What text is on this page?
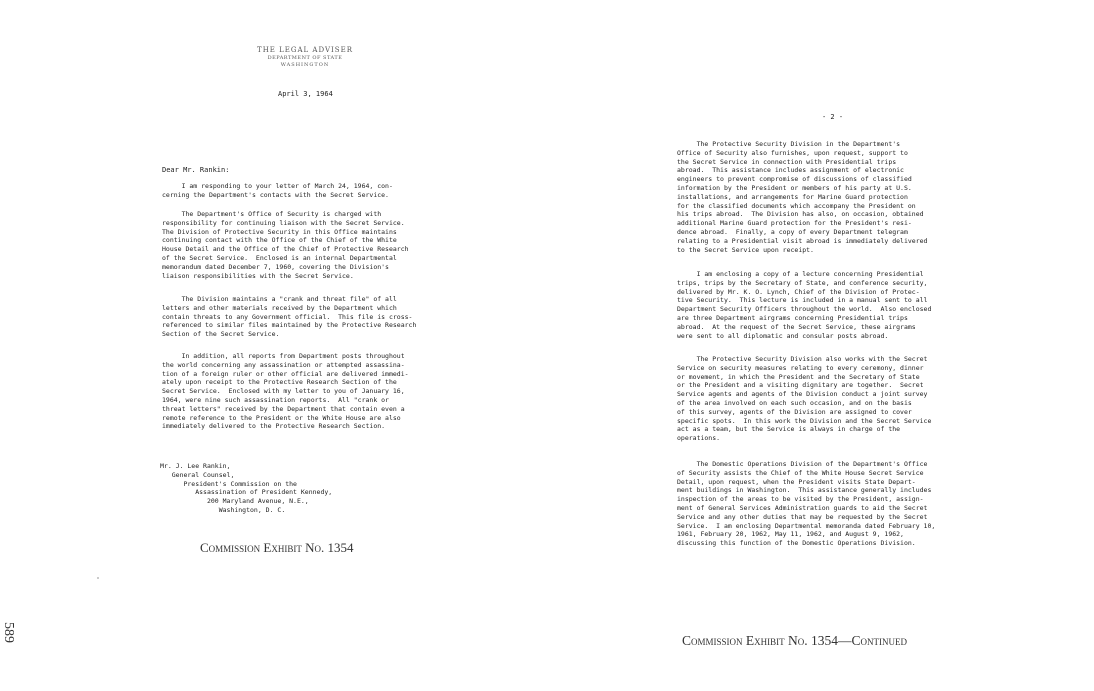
THE LEGAL ADVISER
DEPARTMENT OF STATE
WASHINGTON
April 3, 1964
Dear Mr. Rankin:
I am responding to your letter of March 24, 1964, con-
cerning the Department's contacts with the Secret Service.
The Department's Office of Security is charged with
responsibility for continuing liaison with the Secret Service.
The Division of Protective Security in this Office maintains
continuing contact with the Office of the Chief of the White
House Detail and the Office of the Chief of Protective Research
of the Secret Service.  Enclosed is an internal Departmental
memorandum dated December 7, 1960, covering the Division's
liaison responsibilities with the Secret Service.
The Division maintains a "crank and threat file" of all
letters and other materials received by the Department which
contain threats to any Government official.  This file is cross-
referenced to similar files maintained by the Protective Research
Section of the Secret Service.
In addition, all reports from Department posts throughout
the world concerning any assassination or attempted assassina-
tion of a foreign ruler or other official are delivered immedi-
ately upon receipt to the Protective Research Section of the
Secret Service.  Enclosed with my letter to you of January 16,
1964, were nine such assassination reports.  All "crank or
threat letters" received by the Department that contain even a
remote reference to the President or the White House are also
immediately delivered to the Protective Research Section.
Mr. J. Lee Rankin,
General Counsel,
President's Commission on the
Assassination of President Kennedy,
200 Maryland Avenue, N.E.,
Washington, D. C.
Commission Exhibit No. 1354
589
- 2 -
The Protective Security Division in the Department's
Office of Security also furnishes, upon request, support to
the Secret Service in connection with Presidential trips
abroad.  This assistance includes assignment of electronic
engineers to prevent compromise of discussions of classified
information by the President or members of his party at U.S.
installations, and arrangements for Marine Guard protection
for the classified documents which accompany the President on
his trips abroad.  The Division has also, on occasion, obtained
additional Marine Guard protection for the President's resi-
dence abroad.  Finally, a copy of every Department telegram
relating to a Presidential visit abroad is immediately delivered
to the Secret Service upon receipt.
I am enclosing a copy of a lecture concerning Presidential
trips, trips by the Secretary of State, and conference security,
delivered by Mr. K. O. Lynch, Chief of the Division of Protec-
tive Security.  This lecture is included in a manual sent to all
Department Security Officers throughout the world.  Also enclosed
are three Department airgrams concerning Presidential trips
abroad.  At the request of the Secret Service, these airgrams
were sent to all diplomatic and consular posts abroad.
The Protective Security Division also works with the Secret
Service on security measures relating to every ceremony, dinner
or movement, in which the President and the Secretary of State
or the President and a visiting dignitary are together.  Secret
Service agents and agents of the Division conduct a joint survey
of the area involved on each such occasion, and on the basis
of this survey, agents of the Division are assigned to cover
specific spots.  In this work the Division and the Secret Service
act as a team, but the Service is always in charge of the
operations.
The Domestic Operations Division of the Department's Office
of Security assists the Chief of the White House Secret Service
Detail, upon request, when the President visits State Depart-
ment buildings in Washington.  This assistance generally includes
inspection of the areas to be visited by the President, assign-
ment of General Services Administration guards to aid the Secret
Service and any other duties that may be requested by the Secret
Service.  I am enclosing Departmental memoranda dated February 10,
1961, February 20, 1962, May 11, 1962, and August 9, 1962,
discussing this function of the Domestic Operations Division.
Commission Exhibit No. 1354—Continued
